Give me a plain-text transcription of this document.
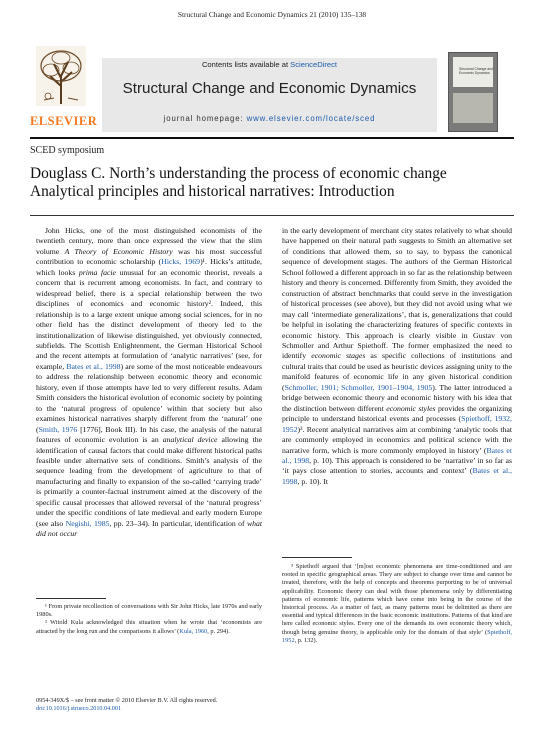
Structural Change and Economic Dynamics 21 (2010) 135–138
ELSEVIER
Contents lists available at ScienceDirect
Structural Change and Economic Dynamics
journal homepage: www.elsevier.com/locate/sced
Structural Change and Economic Dynamics
SCED symposium
Douglass C. North’s understanding the process of economic change
Analytical principles and historical narratives: Introduction

John Hicks, one of the most distinguished economists of the twentieth century, more than once expressed the view that the slim volume A Theory of Economic History was his most successful contribution to economic scholarship (Hicks, 1969)¹. Hicks’s attitude, which looks prima facie unusual for an economic theorist, reveals a concern that is recurrent among economists. In fact, and contrary to widespread belief, there is a special relationship between the two disciplines of economics and economic history². Indeed, this relationship is to a large extent unique among social sciences, for in no other field has the distinct development of theory led to the institutionalization of likewise distinguished, yet obviously connected, subfields. The Scottish Enlightenment, the German Historical School and the recent attempts at formulation of ‘analytic narratives’ (see, for example, Bates et al., 1998) are some of the most noticeable endeavours to address the relationship between economic theory and economic history, even if those attempts have led to very different results. Adam Smith considers the historical evolution of economic society by pointing to the ‘natural progress of opulence’ within that society but also examines historical narratives sharply different from the ‘natural’ one (Smith, 1976 [1776], Book III). In his case, the analysis of the natural features of economic evolution is an analytical device allowing the identification of causal factors that could make different historical paths feasible under alternative sets of conditions. Smith’s analysis of the sequence leading from the development of agriculture to that of manufacturing and finally to expansion of the so-called ‘carrying trade’ is primarily a counter-factual instrument aimed at the discovery of the specific causal processes that allowed reversal of the ‘natural progress’ under the specific conditions of late medieval and early modern Europe (see also Negishi, 1985, pp. 23–34). In particular, identification of what did not occur

in the early development of merchant city states relatively to what should have happened on their natural path suggests to Smith an alternative set of conditions that allowed them, so to say, to bypass the canonical sequence of development stages. The authors of the German Historical School followed a different approach in so far as the relationship between history and theory is concerned. Differently from Smith, they avoided the construction of abstract benchmarks that could serve in the investigation of historical processes (see above), but they did not avoid using what we may call ‘intermediate generalizations’, that is, generalizations that could be helpful in isolating the characterizing features of specific contexts in economic history. This approach is clearly visible in Gustav von Schmoller and Arthur Spiethoff. The former emphasized the need to identify economic stages as specific collections of institutions and cultural traits that could be used as heuristic devices assigning unity to the manifold features of economic life in any given historical condition (Schmoller, 1901; Schmoller, 1901–1904, 1905). The latter introduced a bridge between economic theory and economic history with his idea that the distinction between different economic styles provides the organizing principle to understand historical events and processes (Spiethoff, 1932, 1952)³. Recent analytical narratives aim at combining ‘analytic tools that are commonly employed in economics and political science with the narrative form, which is more commonly employed in history’ (Bates et al., 1998, p. 10). This approach is considered to be ‘narrative’ in so far as ‘it pays close attention to stories, accounts and context’ (Bates et al., 1998, p. 10). It

¹ From private recollection of conversations with Sir John Hicks, late 1970s and early 1980s.

² Witold Kula acknowledged this situation when he wrote that ‘economists are attracted by the long run and the comparisons it allows’ (Kula, 1960, p. 294).

³ Spiethoff argued that ‘[m]ost economic phenomena are time-conditioned and are rooted in specific geographical areas. They are subject to change over time and cannot be treated, therefore, with the help of concepts and theorems purporting to be of universal applicability. Economic theory can deal with those phenomena only by differentiating patterns of economic life, patterns which have come into being in the course of the historical process. As a matter of fact, as many patterns must be delimited as there are essential and typical differences in the basic economic institutions. Patterns of that kind are here called economic styles. Every one of the demands its own economic theory which, though being genuine theory, is applicable only for the domain of that style’ (Spiethoff, 1952, p. 132).

0954-349X/$ – see front matter © 2010 Elsevier B.V. All rights reserved.
doi:10.1016/j.strueco.2010.04.001
